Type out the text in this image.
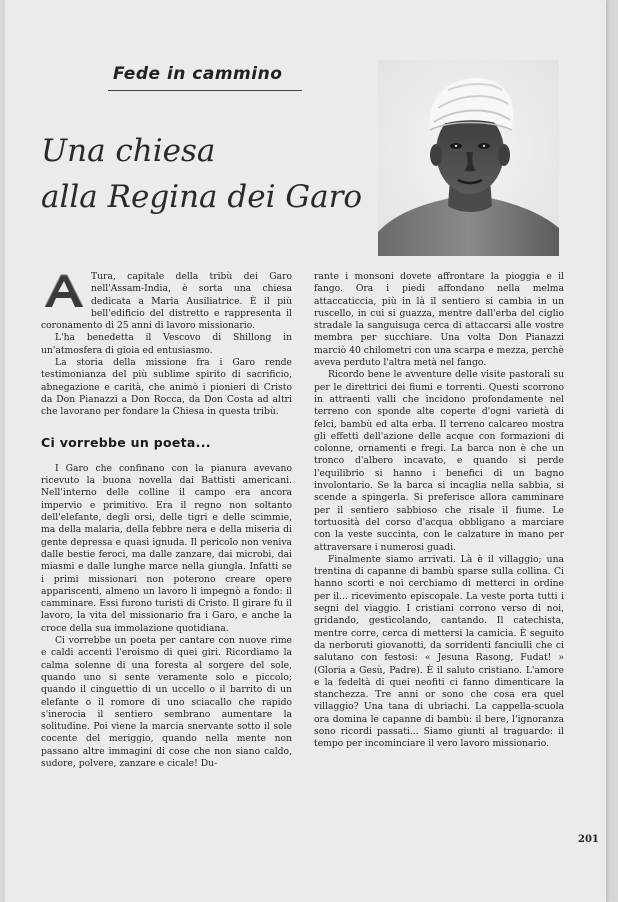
Fede in cammino
Una chiesa
alla Regina dei Garo

Tura, capitale della tribù dei Garo nell'Assam-India, è sorta una chiesa dedicata a Maria Ausiliatrice. È il più bell'edificio del distretto e rappresenta il coronamento di 25 anni di lavoro missionario.

L'ha benedetta il Vescovo di Shillong in un'atmosfera di gioia ed entusiasmo.

La storia della missione fra i Garo rende testimonianza del più sublime spirito di sacrificio, abnegazione e carità, che animò i pionieri di Cristo da Don Pianazzi a Don Rocca, da Don Costa ad altri che lavorano per fondare la Chiesa in questa tribù.

Ci vorrebbe un poeta...

I Garo che confinano con la pianura avevano ricevuto la buona novella dai Battisti americani. Nell'interno delle colline il campo era ancora impervio e primitivo. Era il regno non soltanto dell'elefante, degli orsi, delle tigri e delle scimmie, ma della malaria, della febbre nera e della miseria di gente depressa e quasi ignuda. Il pericolo non veniva dalle bestie feroci, ma dalle zanzare, dai microbi, dai miasmi e dalle lunghe marce nella giungla. Infatti se i primi missionari non poterono creare opere appariscenti, almeno un lavoro li impegnò a fondo: il camminare. Essi furono turisti di Cristo. Il girare fu il lavoro, la vita del missionario fra i Garo, e anche la croce della sua immolazione quotidiana.

Ci vorrebbe un poeta per cantare con nuove rime e caldi accenti l'eroismo di quei giri. Ricordiamo la calma solenne di una foresta al sorgere del sole, quando uno si sente veramente solo e piccolo; quando il cinguettio di un uccello o il barrito di un elefante o il romore di uno sciacallo che rapido s'inerocia il sentiero sembrano aumentare la solitudine. Poi viene la marcia snervante sotto il sole cocente del meriggio, quando nella mente non passano altre immagini di cose che non siano caldo, sudore, polvere, zanzare e cicale! Du-

rante i monsoni dovete affrontare la pioggia e il fango. Ora i piedi affondano nella melma attaccaticcia, più in là il sentiero si cambia in un ruscello, in cui si guazza, mentre dall'erba del ciglio stradale la sanguisuga cerca di attaccarsi alle vostre membra per succhiare. Una volta Don Pianazzi marciò 40 chilometri con una scarpa e mezza, perchè aveva perduto l'altra metà nel fango.

Ricordo bene le avventure delle visite pastorali su per le direttrici dei fiumi e torrenti. Questi scorrono in attraenti valli che incidono profondamente nel terreno con sponde alte coperte d'ogni varietà di felci, bambù ed alta erba. Il terreno calcareo mostra gli effetti dell'azione delle acque con formazioni di colonne, ornamenti e fregi. La barca non è che un tronco d'albero incavato, e quando si perde l'equilibrio si hanno i benefici di un bagno involontario. Se la barca si incaglia nella sabbia, si scende a spingerla. Si preferisce allora camminare per il sentiero sabbioso che risale il fiume. Le tortuosità del corso d'acqua obbligano a marciare con la veste succinta, con le calzature in mano per attraversare i numerosi guadi.

Finalmente siamo arrivati. Là è il villaggio; una trentina di capanne di bambù sparse sulla collina. Ci hanno scorti e noi cerchiamo di metterci in ordine per il... ricevimento episcopale. La veste porta tutti i segni del viaggio. I cristiani corrono verso di noi, gridando, gesticolando, cantando. Il catechista, mentre corre, cerca di mettersi la camicia. È seguito da nerboruti giovanotti, da sorridenti fanciulli che ci salutano con festosi: « Jesuna Rasong, Fudat! » (Gloria a Gesù, Padre). È il saluto cristiano. L'amore e la fedeltà di quei neofiti ci fanno dimenticare la stanchezza. Tre anni or sono che cosa era quel villaggio? Una tana di ubriachi. La cappella-scuola ora domina le capanne di bambù: il bere, l'ignoranza sono ricordi passati... Siamo giunti al traguardo: il tempo per incominciare il vero lavoro missionario.

201
